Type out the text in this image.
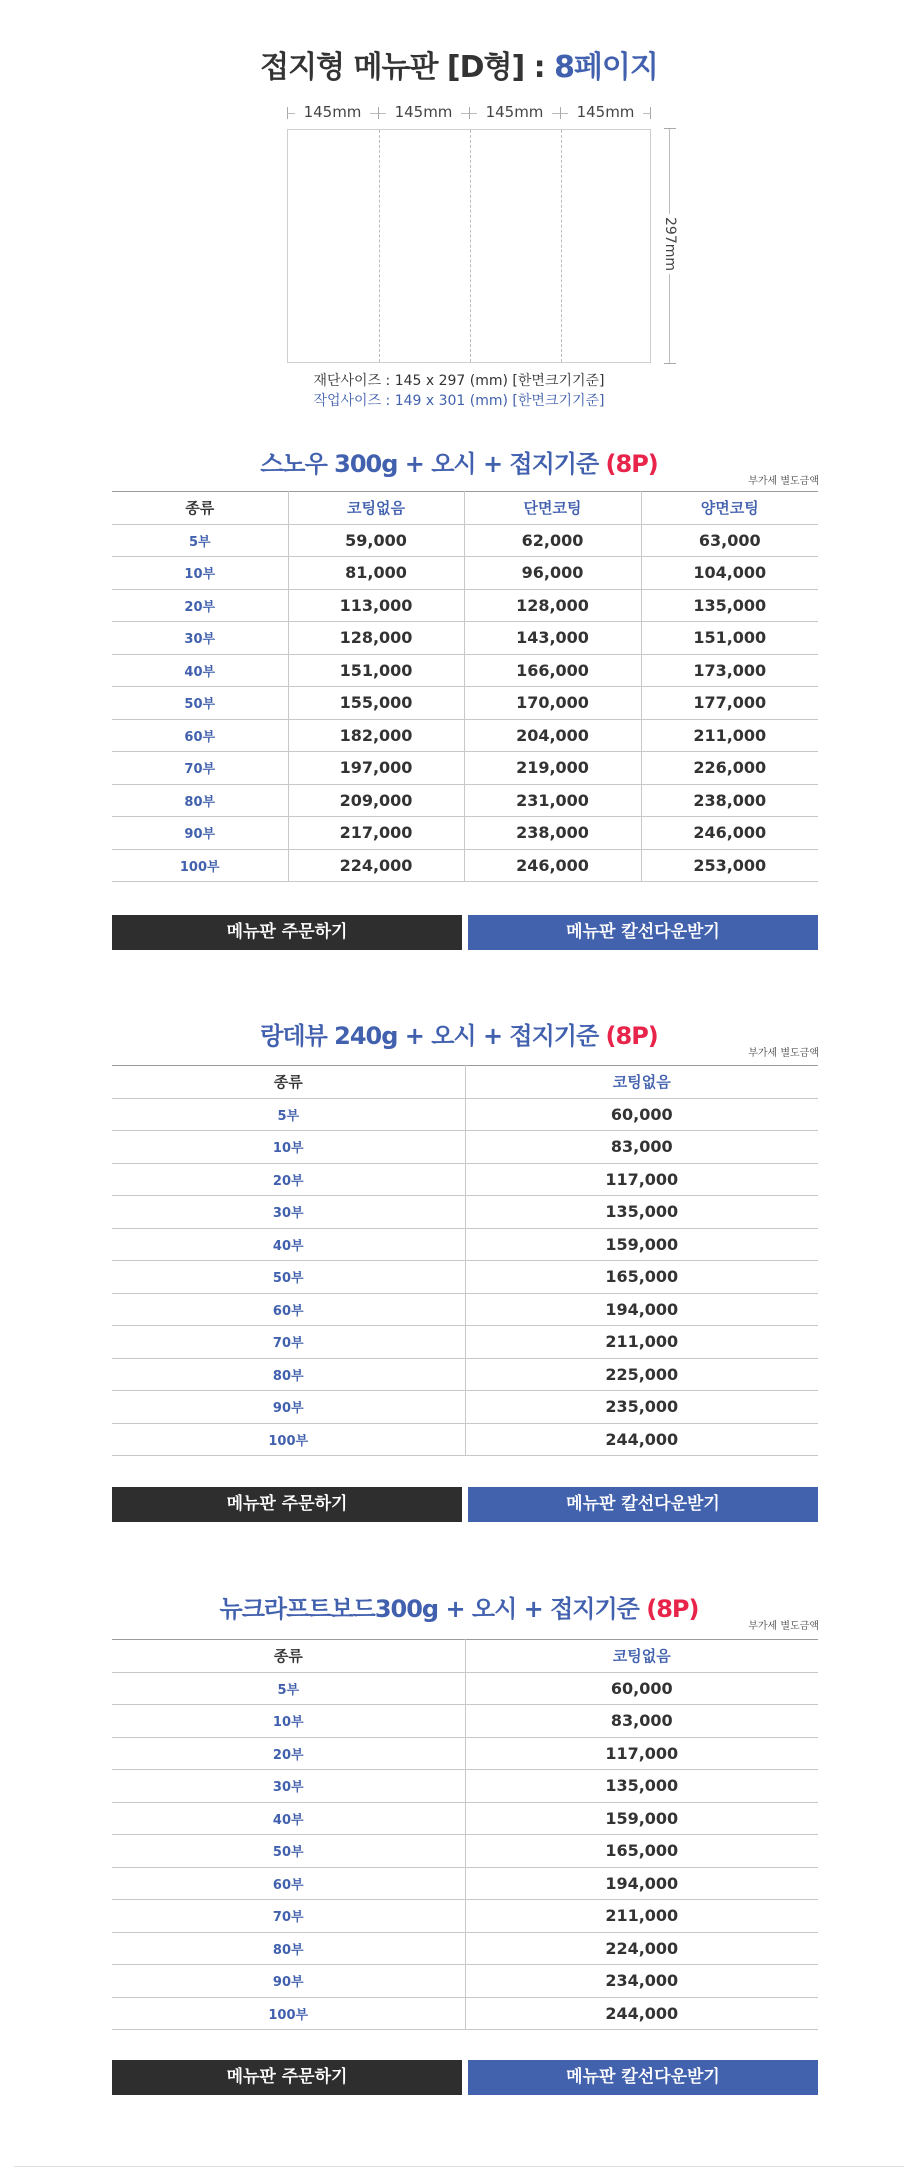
접지형 메뉴판 [D형] : 8페이지
145mm	145mm	145mm	145mm
297mm
재단사이즈 : 145 x 297 (mm) [한면크기기준]
작업사이즈 : 149 x 301 (mm) [한면크기기준]
스노우 300g + 오시 + 접지기준 (8P)
부가세 별도금액
종류	코팅없음	단면코팅	양면코팅
5부	59,000	62,000	63,000
10부	81,000	96,000	104,000
20부	113,000	128,000	135,000
30부	128,000	143,000	151,000
40부	151,000	166,000	173,000
50부	155,000	170,000	177,000
60부	182,000	204,000	211,000
70부	197,000	219,000	226,000
80부	209,000	231,000	238,000
90부	217,000	238,000	246,000
100부	224,000	246,000	253,000
메뉴판 주문하기	메뉴판 칼선다운받기
랑데뷰 240g + 오시 + 접지기준 (8P)
부가세 별도금액
종류	코팅없음
5부	60,000
10부	83,000
20부	117,000
30부	135,000
40부	159,000
50부	165,000
60부	194,000
70부	211,000
80부	225,000
90부	235,000
100부	244,000
메뉴판 주문하기	메뉴판 칼선다운받기
뉴크라프트보드300g + 오시 + 접지기준 (8P)
부가세 별도금액
종류	코팅없음
5부	60,000
10부	83,000
20부	117,000
30부	135,000
40부	159,000
50부	165,000
60부	194,000
70부	211,000
80부	224,000
90부	234,000
100부	244,000
메뉴판 주문하기	메뉴판 칼선다운받기
